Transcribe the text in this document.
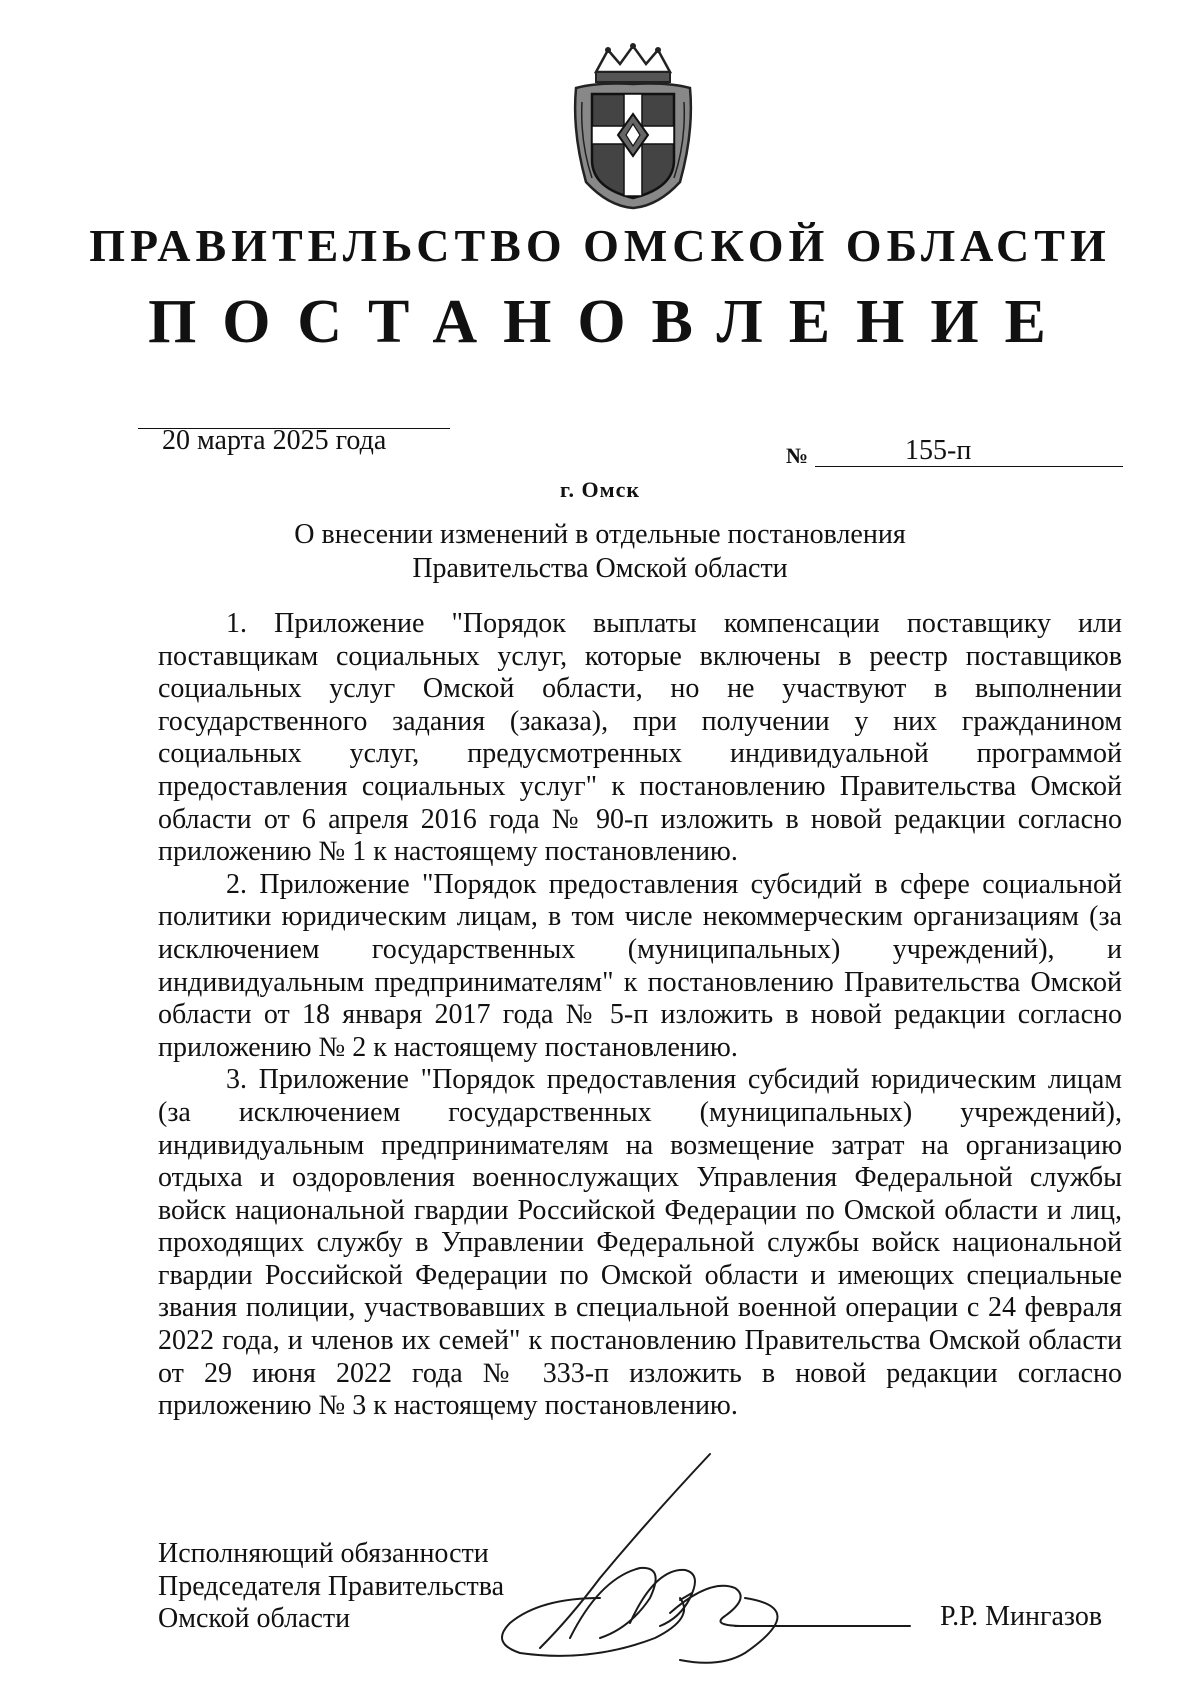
ПРАВИТЕЛЬСТВО ОМСКОЙ ОБЛАСТИ
ПОСТАНОВЛЕНИЕ
20 марта 2025 года	№	155-п
г. Омск
О внесении изменений в отдельные постановления
Правительства Омской области

1. Приложение "Порядок выплаты компенсации поставщику или поставщикам социальных услуг, которые включены в реестр поставщиков социальных услуг Омской области, но не участвуют в выполнении государственного задания (заказа), при получении у них гражданином социальных услуг, предусмотренных индивидуальной программой предоставления социальных услуг" к постановлению Правительства Омской области от 6 апреля 2016 года № 90-п изложить в новой редакции согласно приложению № 1 к настоящему постановлению.

2. Приложение "Порядок предоставления субсидий в сфере социальной политики юридическим лицам, в том числе некоммерческим организациям (за исключением государственных (муниципальных) учреждений), и индивидуальным предпринимателям" к постановлению Правительства Омской области от 18 января 2017 года № 5-п изложить в новой редакции согласно приложению № 2 к настоящему постановлению.

3. Приложение "Порядок предоставления субсидий юридическим лицам (за исключением государственных (муниципальных) учреждений), индивидуальным предпринимателям на возмещение затрат на организацию отдыха и оздоровления военнослужащих Управления Федеральной службы войск национальной гвардии Российской Федерации по Омской области и лиц, проходящих службу в Управлении Федеральной службы войск национальной гвардии Российской Федерации по Омской области и имеющих специальные звания полиции, участвовавших в специальной военной операции с 24 февраля 2022 года, и членов их семей" к постановлению Правительства Омской области от 29 июня 2022 года № 333-п изложить в новой редакции согласно приложению № 3 к настоящему постановлению.

Исполняющий обязанности
Председателя Правительства
Омской области	Р.Р. Мингазов
